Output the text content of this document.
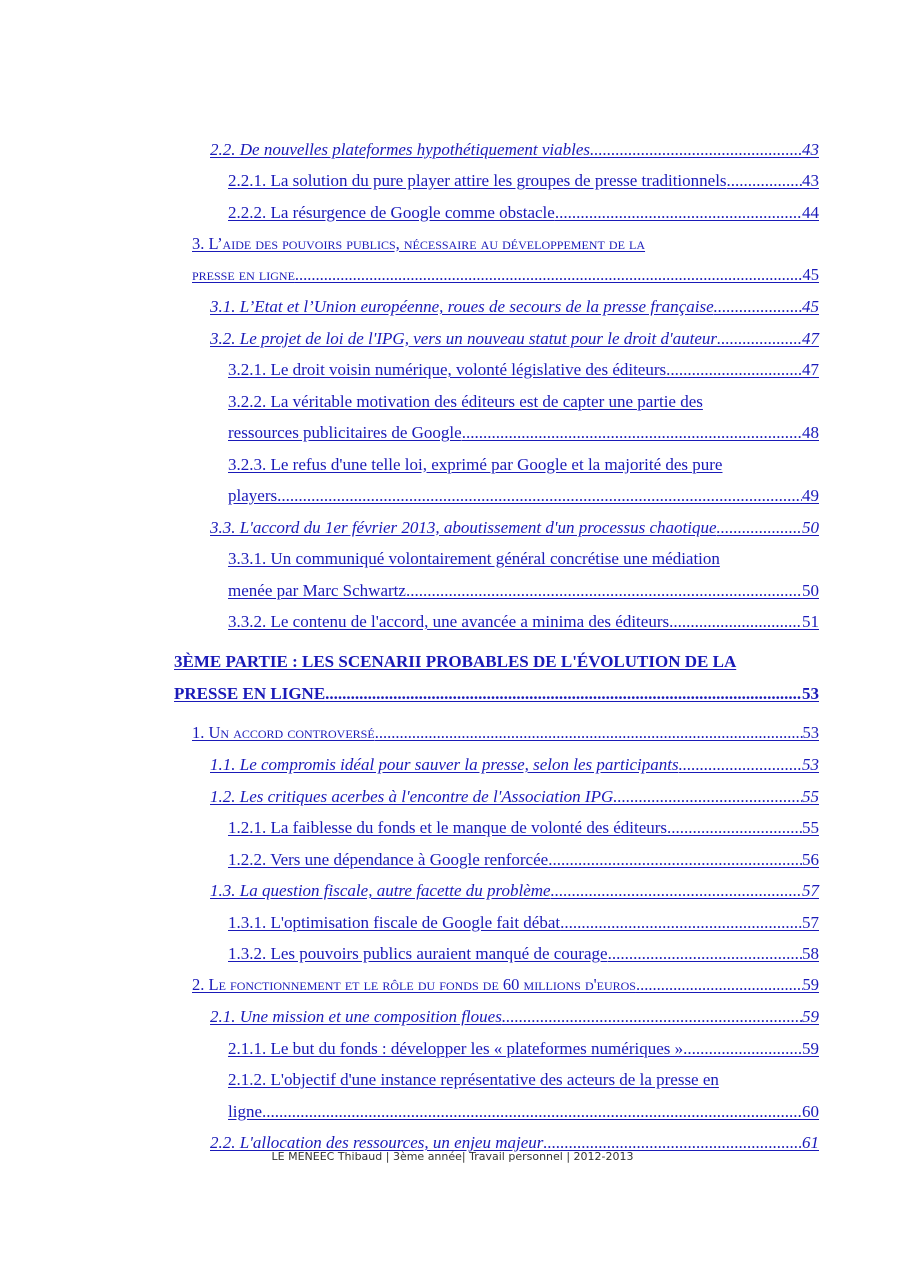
2.2. De nouvelles plateformes hypothétiquement viables .....	43
2.2.1. La solution du pure player attire les groupes de presse traditionnels .....	43
2.2.2. La résurgence de Google comme obstacle .....	44
3. L’aide des pouvoirs publics, nécessaire au développement de la
presse en ligne .....	45
3.1. L’Etat et l’Union européenne, roues de secours de la presse française .....	45
3.2. Le projet de loi de l'IPG, vers un nouveau statut pour le droit d'auteur .....	47
3.2.1. Le droit voisin numérique, volonté législative des éditeurs .....	47
3.2.2. La véritable motivation des éditeurs est de capter une partie des
ressources publicitaires de Google .....	48
3.2.3. Le refus d'une telle loi, exprimé par Google et la majorité des pure
players .....	49
3.3. L'accord du 1er février 2013, aboutissement d'un processus chaotique .....	50
3.3.1. Un communiqué volontairement général concrétise une médiation
menée par Marc Schwartz .....	50
3.3.2. Le contenu de l'accord, une avancée a minima des éditeurs .....	51
3ÈME PARTIE : LES SCENARII PROBABLES DE L'ÉVOLUTION DE LA
PRESSE EN LIGNE .....	53
1. Un accord controversé .....	53
1.1. Le compromis idéal pour sauver la presse, selon les participants .....	53
1.2. Les critiques acerbes à l'encontre de l'Association IPG .....	55
1.2.1. La faiblesse du fonds et le manque de volonté des éditeurs .....	55
1.2.2. Vers une dépendance à Google renforcée .....	56
1.3. La question fiscale, autre facette du problème .....	57
1.3.1. L'optimisation fiscale de Google fait débat .....	57
1.3.2. Les pouvoirs publics auraient manqué de courage .....	58
2. Le fonctionnement et le rôle du fonds de 60 millions d'euros .....	59
2.1. Une mission et une composition floues .....	59
2.1.1. Le but du fonds : développer les « plateformes numériques » .....	59
2.1.2. L'objectif d'une instance représentative des acteurs de la presse en
ligne .....	60
2.2. L'allocation des ressources, un enjeu majeur .....	61
LE MENEEC Thibaud | 3ème année| Travail personnel | 2012-2013
